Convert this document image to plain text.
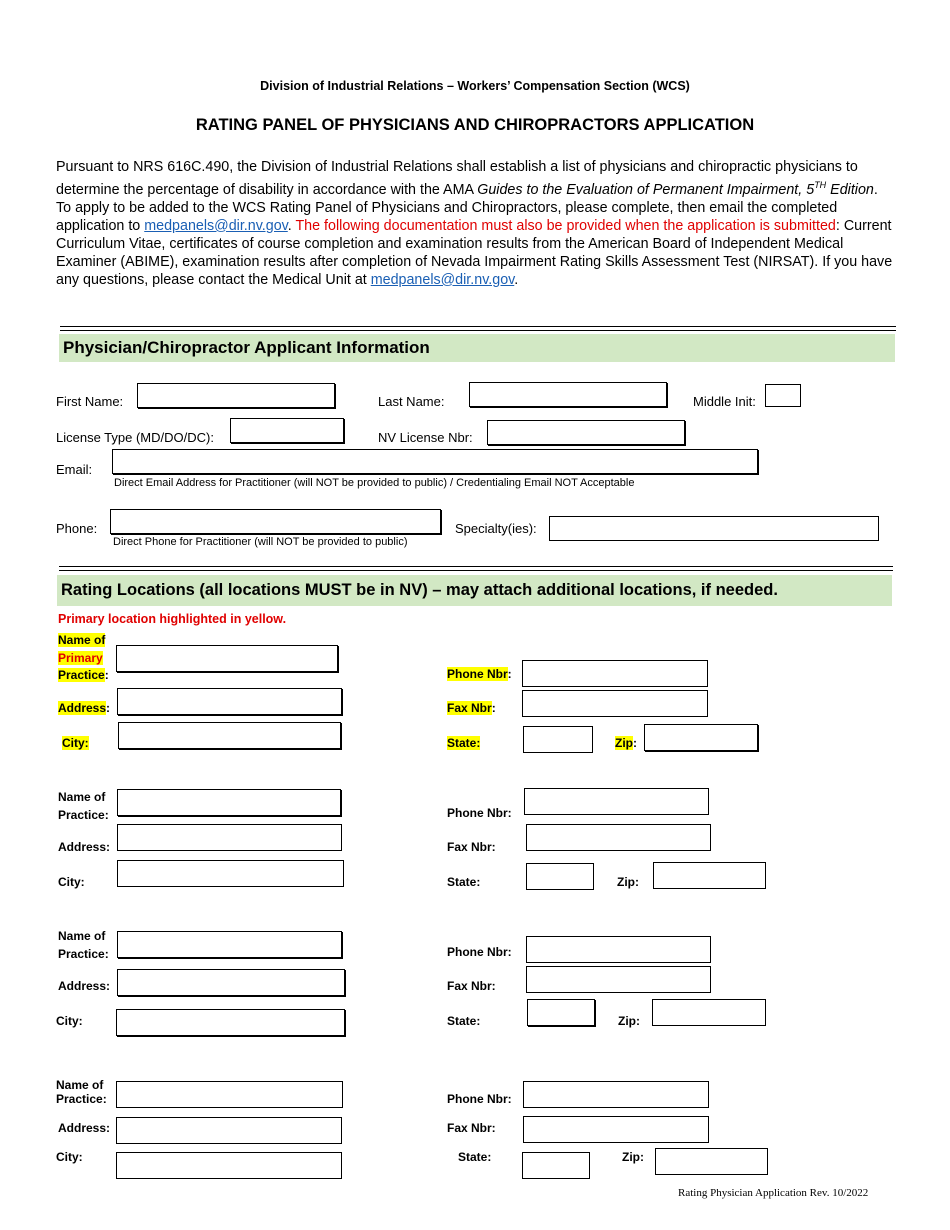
Division of Industrial Relations – Workers’ Compensation Section (WCS)
RATING PANEL OF PHYSICIANS AND CHIROPRACTORS APPLICATION
Pursuant to NRS 616C.490, the Division of Industrial Relations shall establish a list of physicians and chiropractic physicians to determine the percentage of disability in accordance with the AMA Guides to the Evaluation of Permanent Impairment, 5TH Edition. To apply to be added to the WCS Rating Panel of Physicians and Chiropractors, please complete, then email the completed application to medpanels@dir.nv.gov. The following documentation must also be provided when the application is submitted: Current Curriculum Vitae, certificates of course completion and examination results from the American Board of Independent Medical Examiner (ABIME), examination results after completion of Nevada Impairment Rating Skills Assessment Test (NIRSAT). If you have any questions, please contact the Medical Unit at medpanels@dir.nv.gov.
Physician/Chiropractor Applicant Information
First Name:	Last Name:	Middle Init:
License Type (MD/DO/DC):	NV License Nbr:
Email:
Direct Email Address for Practitioner (will NOT be provided to public) / Credentialing Email NOT Acceptable
Phone:
Direct Phone for Practitioner (will NOT be provided to public)
Specialty(ies):
Rating Locations (all locations MUST be in NV) – may attach additional locations, if needed.
Primary location highlighted in yellow.
Name of
Primary
Practice:
Address:
City:
Phone Nbr:
Fax Nbr:
State:	Zip:
Name of
Practice:
Address:
City:
Phone Nbr:
Fax Nbr:
State:	Zip:
Name of
Practice:
Address:
City:
Phone Nbr:
Fax Nbr:
State:	Zip:
Name of
Practice:
Address:
City:
Phone Nbr:
Fax Nbr:
State:	Zip:
Rating Physician Application Rev. 10/2022
